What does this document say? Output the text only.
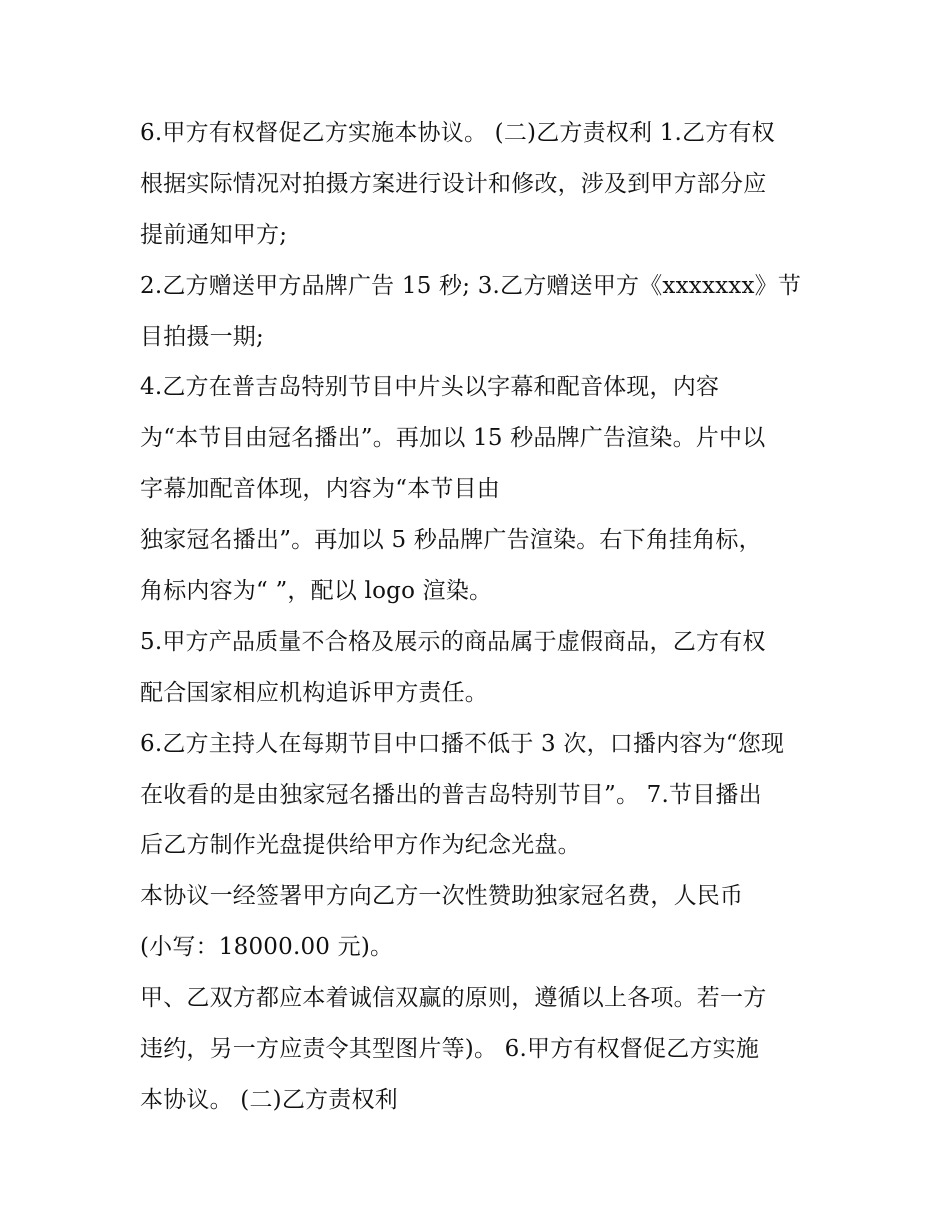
6.甲方有权督促乙方实施本协议。 (二)乙方责权利 1.乙方有权
根据实际情况对拍摄方案进行设计和修改，涉及到甲方部分应
提前通知甲方;
2.乙方赠送甲方品牌广告 15 秒; 3.乙方赠送甲方《xxxxxxx》节
目拍摄一期;
4.乙方在普吉岛特别节目中片头以字幕和配音体现，内容
为“本节目由冠名播出”。再加以 15 秒品牌广告渲染。片中以
字幕加配音体现，内容为“本节目由
独家冠名播出”。再加以 5 秒品牌广告渲染。右下角挂角标，
角标内容为“ ”，配以 logo 渲染。
5.甲方产品质量不合格及展示的商品属于虚假商品，乙方有权
配合国家相应机构追诉甲方责任。
6.乙方主持人在每期节目中口播不低于 3 次，口播内容为“您现
在收看的是由独家冠名播出的普吉岛特别节目”。 7.节目播出
后乙方制作光盘提供给甲方作为纪念光盘。
本协议一经签署甲方向乙方一次性赞助独家冠名费，人民币
(小写：18000.00 元)。
甲、乙双方都应本着诚信双赢的原则，遵循以上各项。若一方
违约，另一方应责令其型图片等)。 6.甲方有权督促乙方实施
本协议。 (二)乙方责权利
